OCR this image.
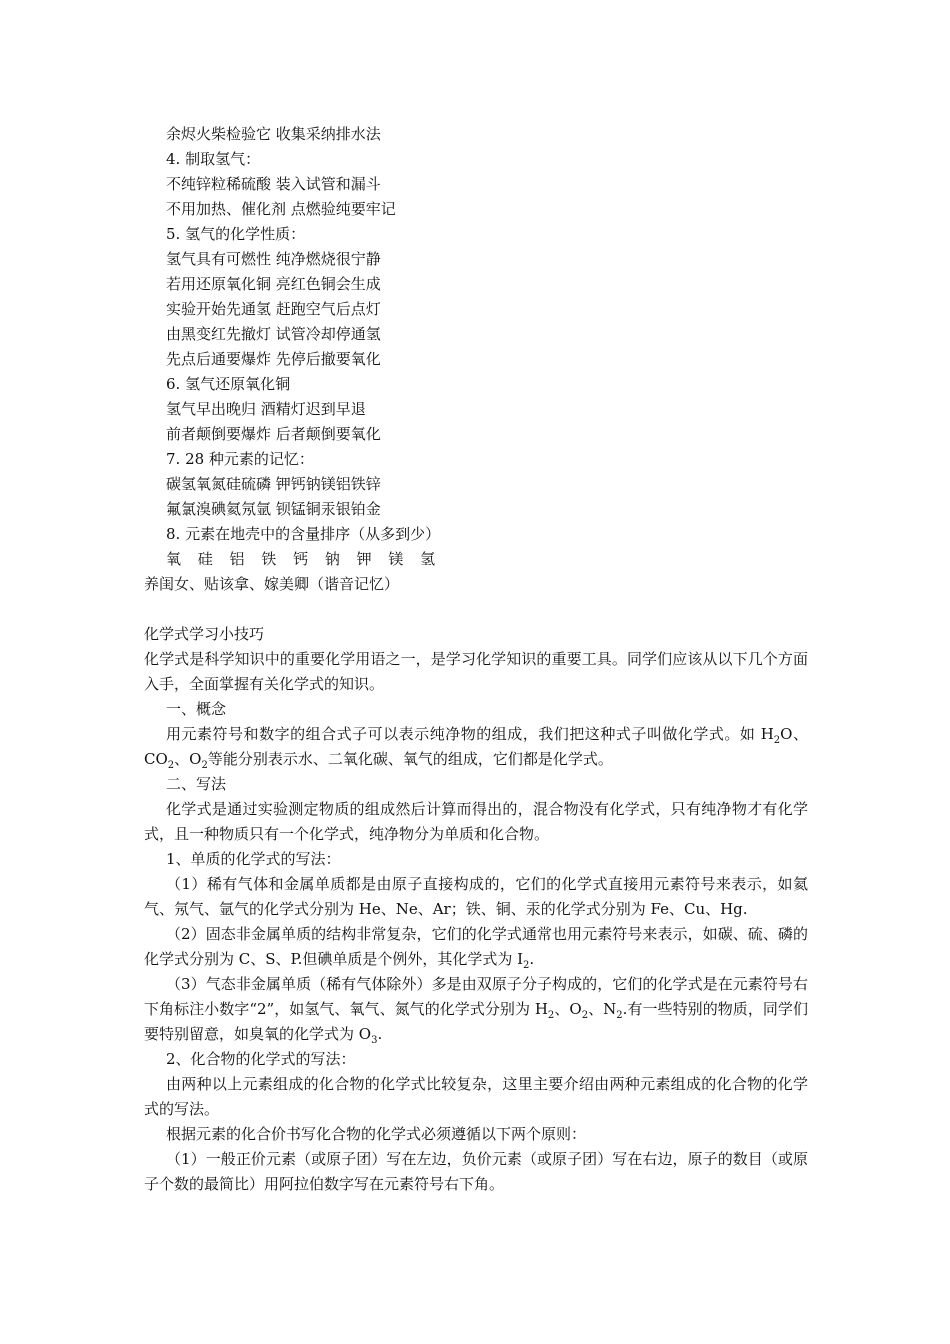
余烬火柴检验它 收集采纳排水法
4. 制取氢气：
不纯锌粒稀硫酸 装入试管和漏斗
不用加热、催化剂 点燃验纯要牢记
5. 氢气的化学性质：
氢气具有可燃性 纯净燃烧很宁静
若用还原氧化铜 亮红色铜会生成
实验开始先通氢 赶跑空气后点灯
由黑变红先撤灯 试管冷却停通氢
先点后通要爆炸 先停后撤要氧化
6. 氢气还原氧化铜
氢气早出晚归 酒精灯迟到早退
前者颠倒要爆炸 后者颠倒要氧化
7. 28 种元素的记忆：
碳氢氧氮硅硫磷 钾钙钠镁铝铁锌
氟氯溴碘氦氖氩 钡锰铜汞银铂金
8. 元素在地壳中的含量排序（从多到少）
氧 硅 铝 铁 钙 钠 钾 镁 氢
养闺女、贴该拿、嫁美卿（谐音记忆）
化学式学习小技巧
化学式是科学知识中的重要化学用语之一，是学习化学知识的重要工具。同学们应该从以下几个方面入手，全面掌握有关化学式的知识。
一、概念
用元素符号和数字的组合式子可以表示纯净物的组成，我们把这种式子叫做化学式。如 $H_2O$、$CO_2$、$O_2$等能分别表示水、二氧化碳、氧气的组成，它们都是化学式。
二、写法
化学式是通过实验测定物质的组成然后计算而得出的，混合物没有化学式，只有纯净物才有化学式，且一种物质只有一个化学式，纯净物分为单质和化合物。
1、单质的化学式的写法：
（1）稀有气体和金属单质都是由原子直接构成的，它们的化学式直接用元素符号来表示，如氦气、氖气、氩气的化学式分别为 He、Ne、Ar；铁、铜、汞的化学式分别为 Fe、Cu、Hg.
（2）固态非金属单质的结构非常复杂，它们的化学式通常也用元素符号来表示，如碳、硫、磷的化学式分别为 C、S、P.但碘单质是个例外，其化学式为 $I_2$.
（3）气态非金属单质（稀有气体除外）多是由双原子分子构成的，它们的化学式是在元素符号右下角标注小数字“2”，如氢气、氧气、氮气的化学式分别为 $H_2$、$O_2$、$N_2$.有一些特别的物质，同学们要特别留意，如臭氧的化学式为 $O_3$.
2、化合物的化学式的写法：
由两种以上元素组成的化合物的化学式比较复杂，这里主要介绍由两种元素组成的化合物的化学式的写法。
根据元素的化合价书写化合物的化学式必须遵循以下两个原则：
（1）一般正价元素（或原子团）写在左边，负价元素（或原子团）写在右边，原子的数目（或原子个数的最简比）用阿拉伯数字写在元素符号右下角。
